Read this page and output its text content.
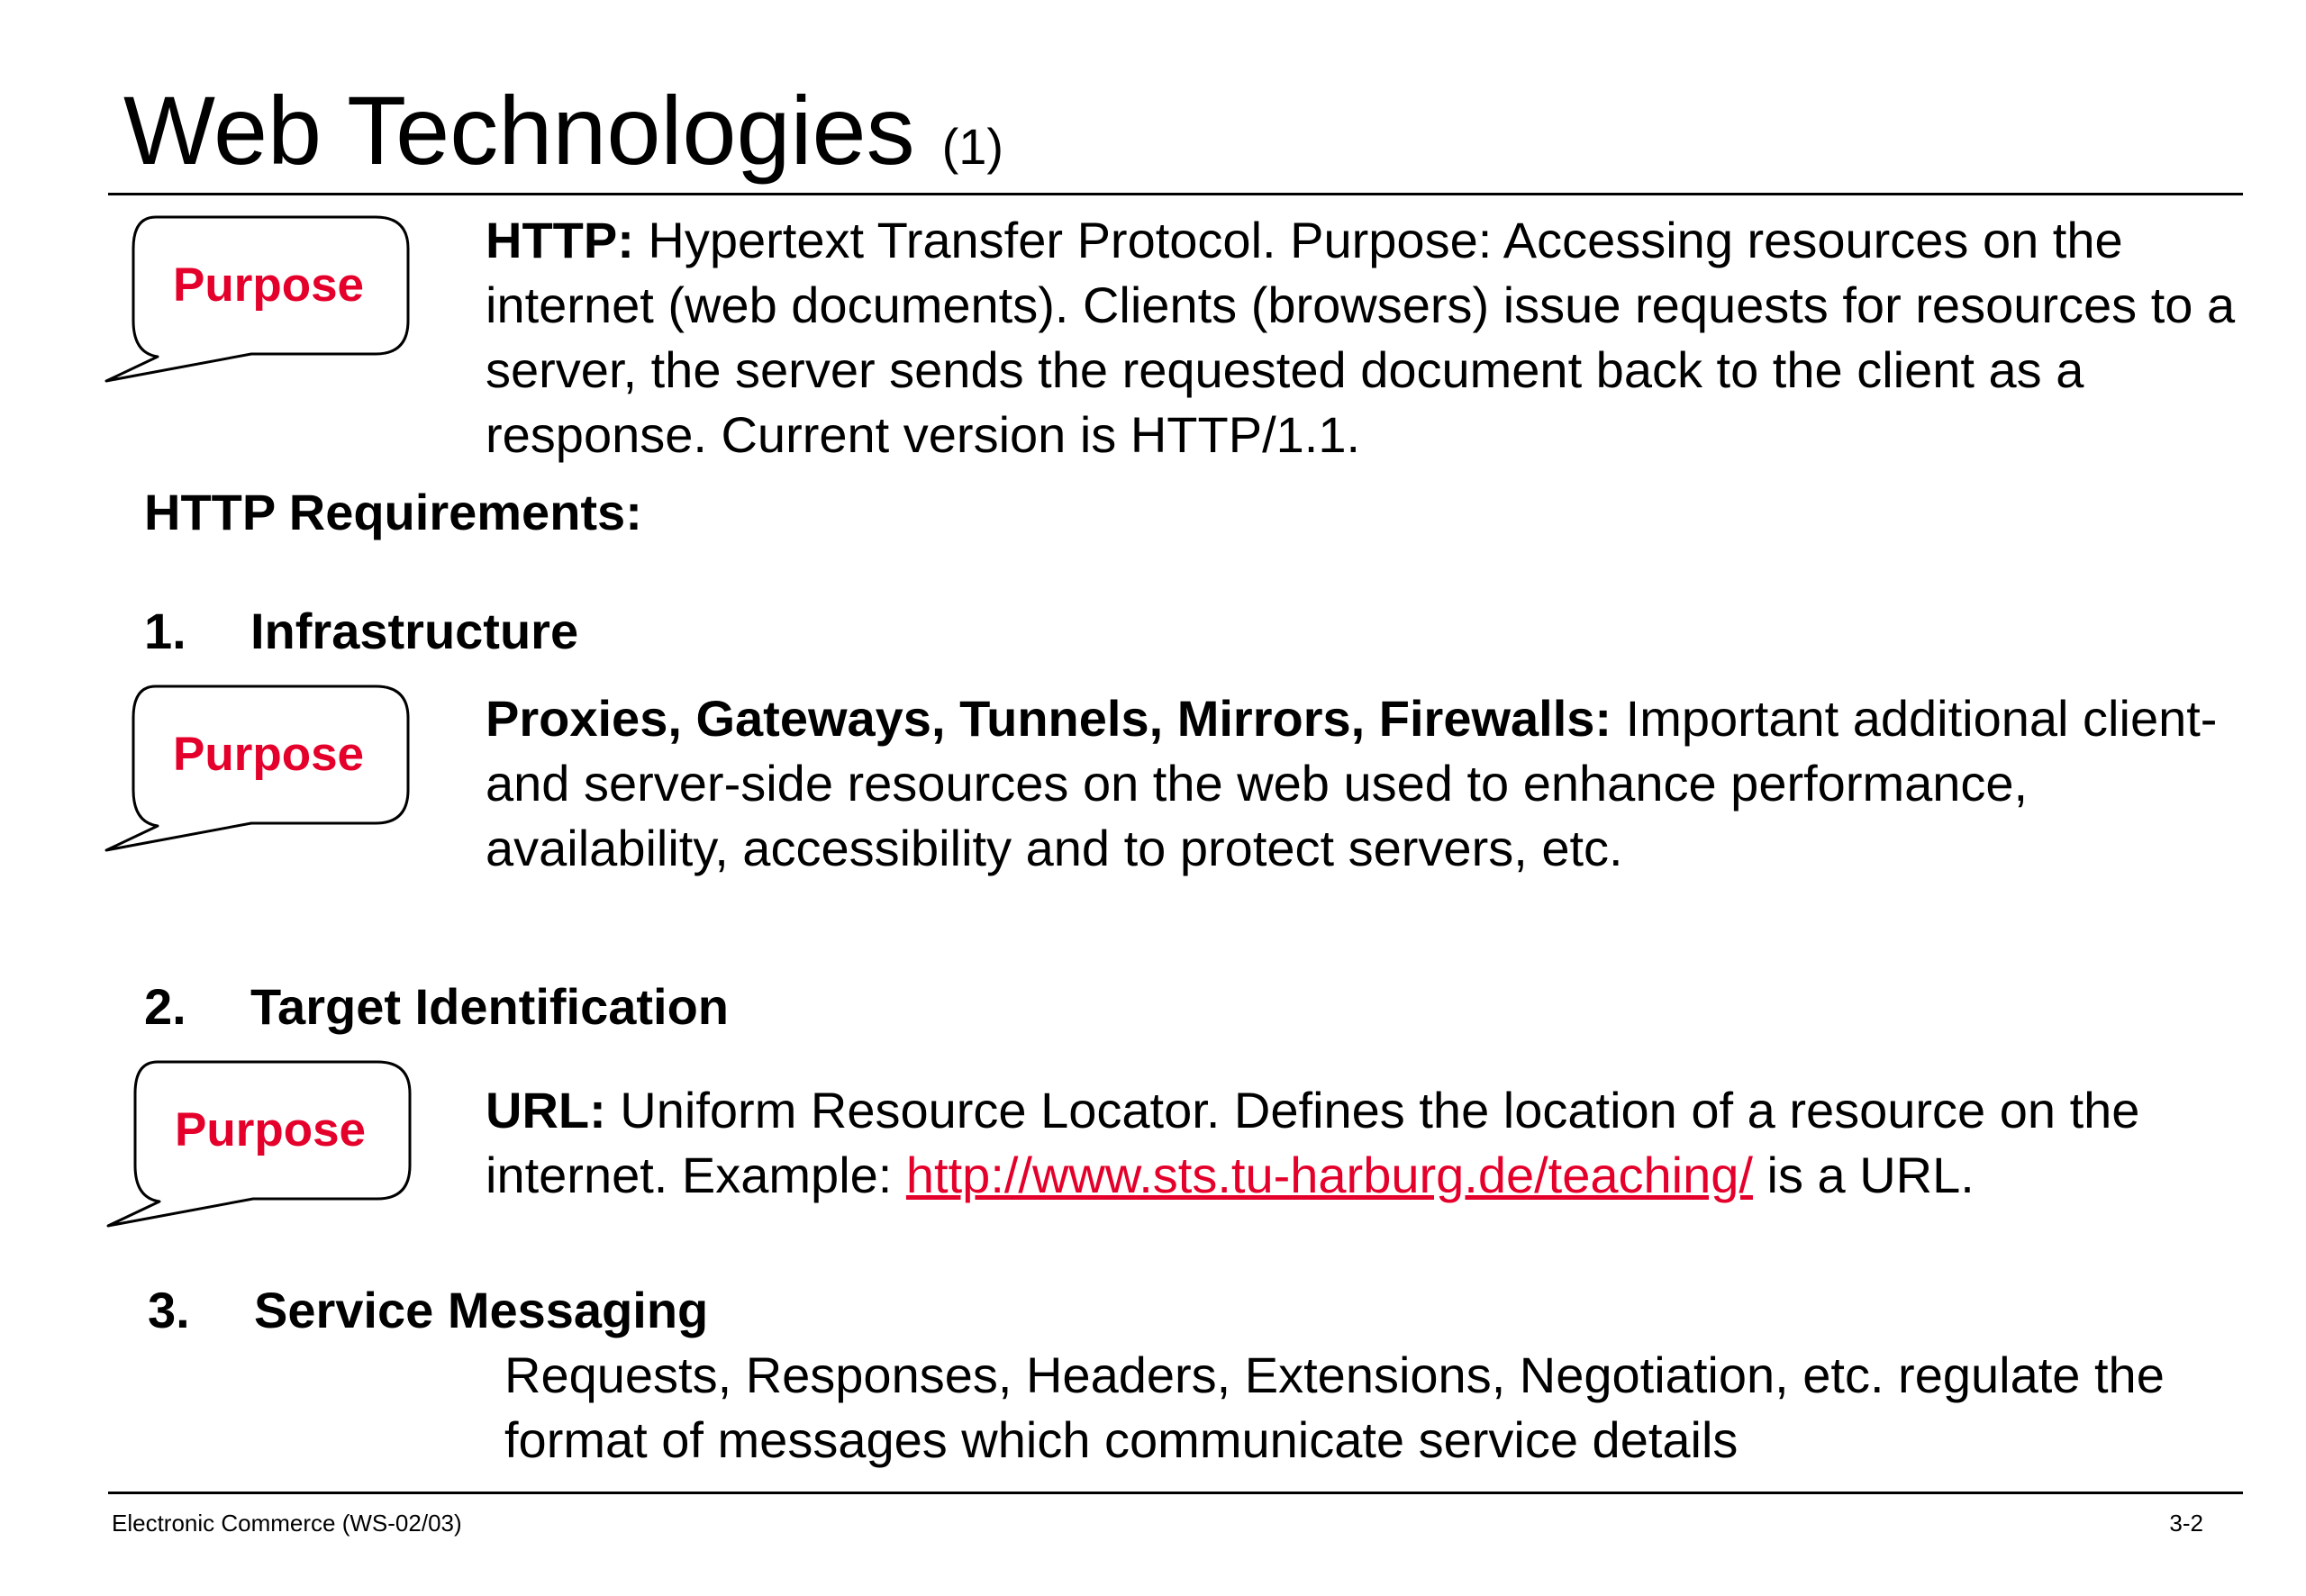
Web Technologies (1)
Purpose
HTTP: Hypertext Transfer Protocol. Purpose: Accessing resources on the internet (web documents). Clients (browsers) issue requests for resources to a server, the server sends the requested document back to the client as a response. Current version is HTTP/1.1.
HTTP Requirements:
1. Infrastructure
Purpose
Proxies, Gateways, Tunnels, Mirrors, Firewalls: Important additional client- and server-side resources on the web used to enhance performance, availability, accessibility and to protect servers, etc.
2. Target Identification
Purpose	URL: Uniform Resource Locator. Defines the location of a resource on the internet. Example: http://www.sts.tu-harburg.de/teaching/ is a URL.
3. Service Messaging
Requests, Responses, Headers, Extensions, Negotiation, etc. regulate the format of messages which communicate service details
Electronic Commerce (WS-02/03)	3-2
